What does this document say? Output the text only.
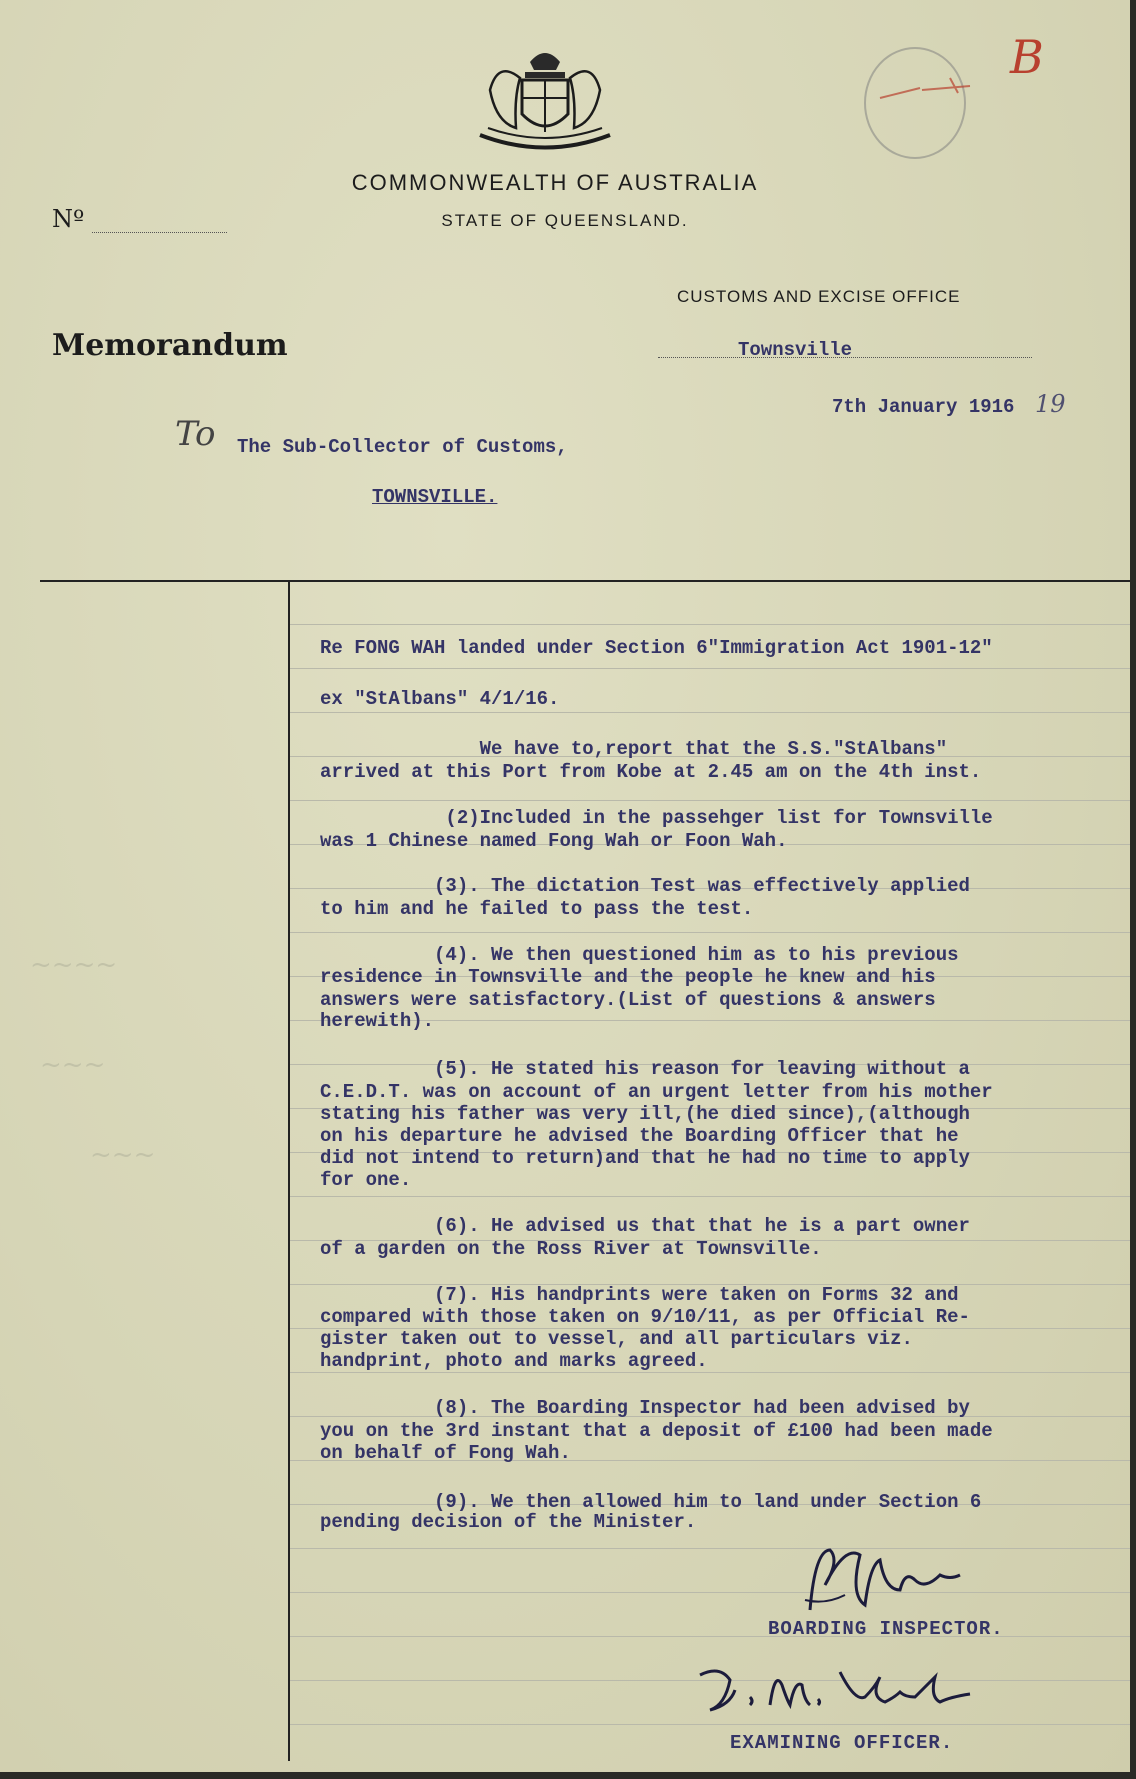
B
COMMONWEALTH OF AUSTRALIA
STATE OF QUEENSLAND.
Nº
CUSTOMS AND EXCISE OFFICE
Memorandum	Townsville
7th January 1916 19
To The Sub-Collector of Customs,
TOWNSVILLE.
~~~~
~~~
~~~
Re FONG WAH landed under Section 6"Immigration Act 1901-12"
ex "StAlbans" 4/1/16.
We have to,report that the S.S."StAlbans"
arrived at this Port from Kobe at 2.45 am on the 4th inst.
(2)Included in the passehger list for Townsville
was 1 Chinese named Fong Wah or Foon Wah.
(3). The dictation Test was effectively applied
to him and he failed to pass the test.
(4). We then questioned him as to his previous
residence in Townsville and the people he knew and his
answers were satisfactory.(List of questions & answers
herewith).
(5). He stated his reason for leaving without a
C.E.D.T. was on account of an urgent letter from his mother
stating his father was very ill,(he died since),(although
on his departure he advised the Boarding Officer that he
did not intend to return)and that he had no time to apply
for one.
(6). He advised us that that he is a part owner
of a garden on the Ross River at Townsville.
(7). His handprints were taken on Forms 32 and
compared with those taken on 9/10/11, as per Official Re-
gister taken out to vessel, and all particulars viz.
handprint, photo and marks agreed.
(8). The Boarding Inspector had been advised by
you on the 3rd instant that a deposit of £100 had been made
on behalf of Fong Wah.
(9). We then allowed him to land under Section 6
pending decision of the Minister.
BOARDING INSPECTOR.
EXAMINING OFFICER.
